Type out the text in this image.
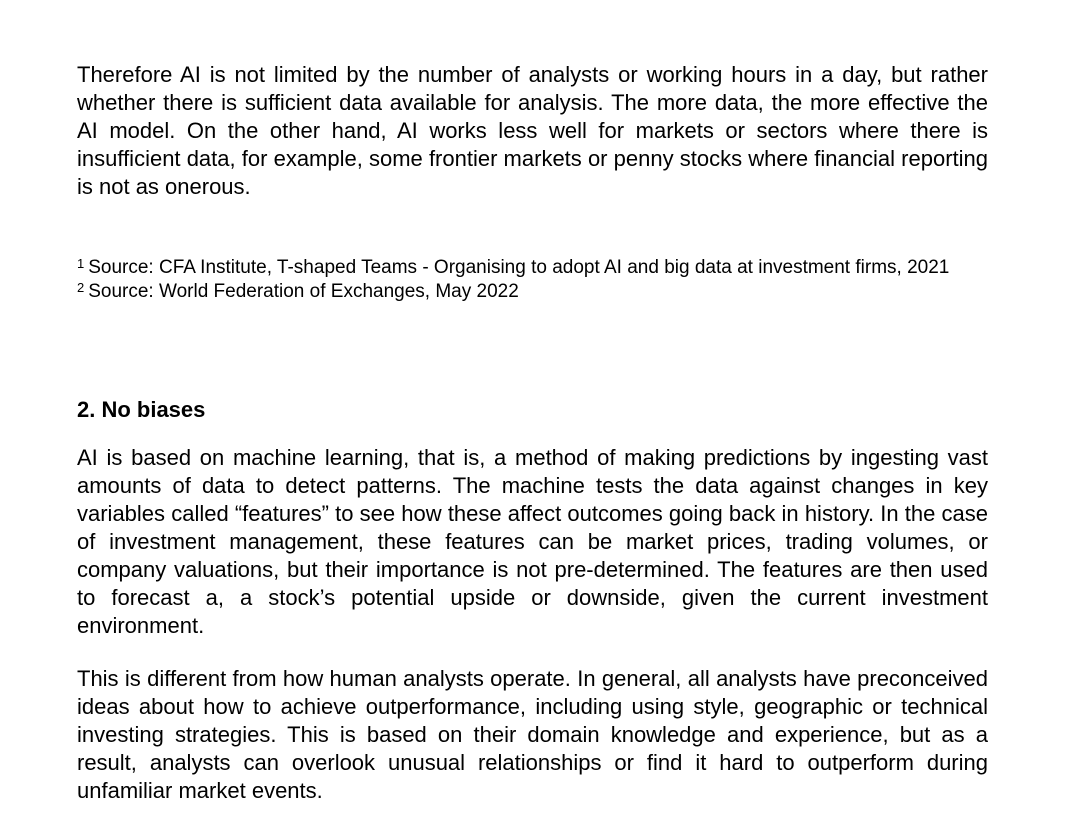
Therefore AI is not limited by the number of analysts or working hours in a day, but rather whether there is sufficient data available for analysis. The more data, the more effective the AI model. On the other hand, AI works less well for markets or sectors where there is insufficient data, for example, some frontier markets or penny stocks where financial reporting is not as onerous.

$^1$ Source: CFA Institute, T-shaped Teams - Organising to adopt AI and big data at investment firms, 2021

$^2$ Source: World Federation of Exchanges, May 2022

2. No biases

AI is based on machine learning, that is, a method of making predictions by ingesting vast amounts of data to detect patterns. The machine tests the data against changes in key variables called “features” to see how these affect outcomes going back in history. In the case of investment management, these features can be market prices, trading volumes, or company valuations, but their importance is not pre-determined. The features are then used to forecast a, a stock’s potential upside or downside, given the current investment environment.

This is different from how human analysts operate. In general, all analysts have preconceived ideas about how to achieve outperformance, including using style, geographic or technical investing strategies. This is based on their domain knowledge and experience, but as a result, analysts can overlook unusual relationships or find it hard to outperform during unfamiliar market events.
